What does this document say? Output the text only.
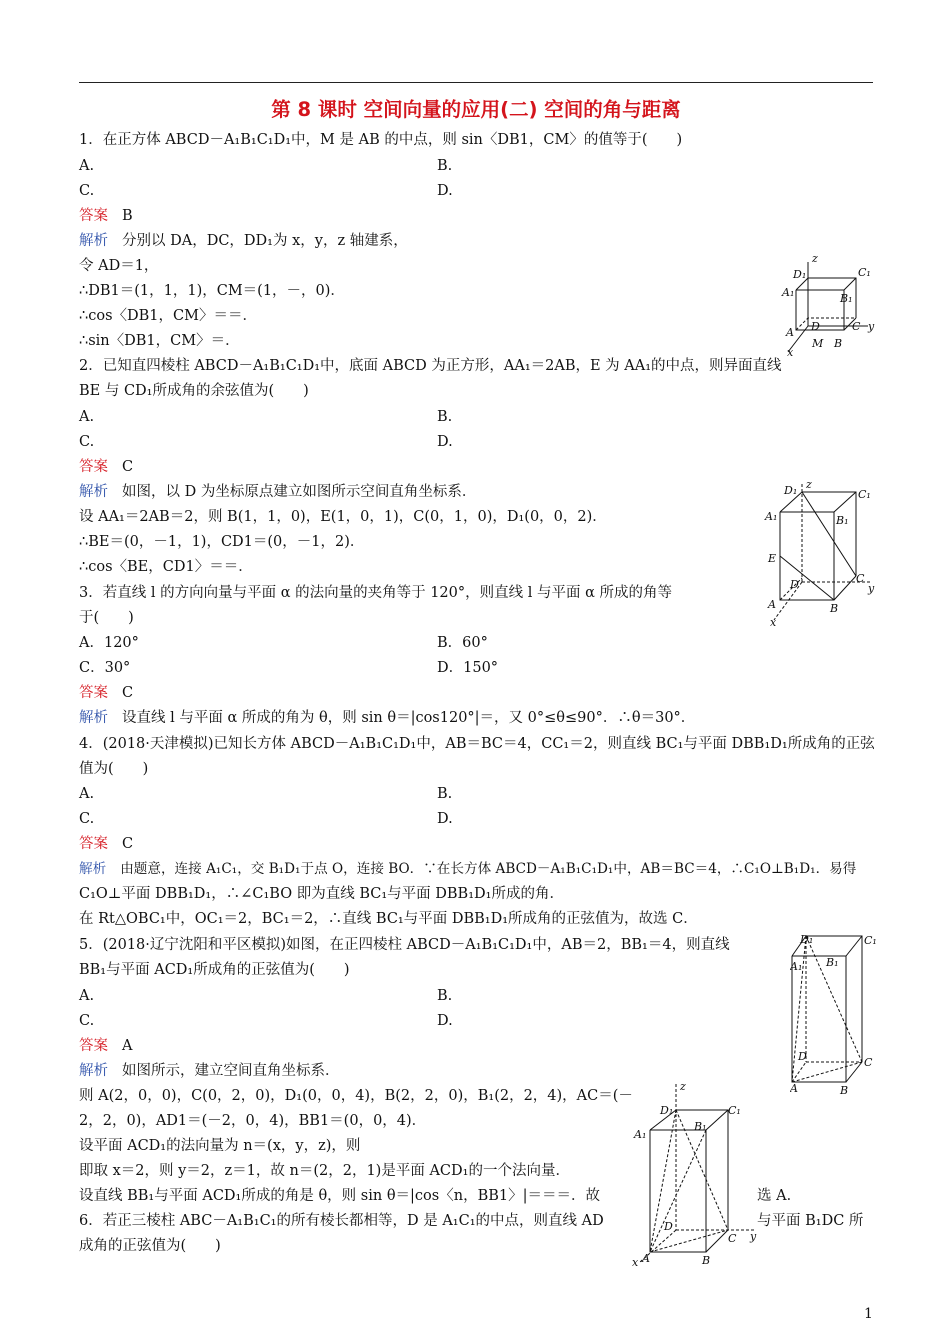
第 8 课时 空间向量的应用(二) 空间的角与距离
1．在正方体 ABCD－A₁B₁C₁D₁中，M 是 AB 的中点，则 sin〈DB1，CM〉的值等于(　　)
A.	B.
C.	D.
答案 B
解析 分别以 DA，DC，DD₁为 x，y，z 轴建系，
令 AD＝1，
∴DB1＝(1，1，1)，CM＝(1，－，0)．
∴cos〈DB1，CM〉＝＝．
∴sin〈DB1，CM〉＝．
z
D₁	C₁
A₁	B₁
D	C y
A
M B
x
2．已知直四棱柱 ABCD－A₁B₁C₁D₁中，底面 ABCD 为正方形，AA₁＝2AB，E 为 AA₁的中点，则异面直线
BE 与 CD₁所成角的余弦值为(　　)
A.	B.
C.	D.
答案 C
解析 如图，以 D 为坐标原点建立如图所示空间直角坐标系．
设 AA₁＝2AB＝2，则 B(1，1，0)，E(1，0，1)，C(0，1，0)，D₁(0，0，2)．
∴BE＝(0，－1，1)，CD1＝(0，－1，2)．
∴cos〈BE，CD1〉＝＝．
z
D₁	C₁
A₁	B₁
E
D	C
y
A	B
x
3．若直线 l 的方向向量与平面 α 的法向量的夹角等于 120°，则直线 l 与平面 α 所成的角等
于(　　)
A．120°	B．60°
C．30°	D．150°
答案 C
解析 设直线 l 与平面 α 所成的角为 θ，则 sin θ＝|cos120°|＝，又 0°≤θ≤90°．∴θ＝30°．
4．(2018·天津模拟)已知长方体 ABCD－A₁B₁C₁D₁中，AB＝BC＝4，CC₁＝2，则直线 BC₁与平面 DBB₁D₁所成角的正弦
值为(　　)
A.	B.
C.	D.
答案 C
解析 由题意，连接 A₁C₁，交 B₁D₁于点 O，连接 BO．∵在长方体 ABCD－A₁B₁C₁D₁中，AB＝BC＝4，∴C₁O⊥B₁D₁．易得
C₁O⊥平面 DBB₁D₁，∴∠C₁BO 即为直线 BC₁与平面 DBB₁D₁所成的角．
在 Rt△OBC₁中，OC₁＝2，BC₁＝2，∴直线 BC₁与平面 DBB₁D₁所成角的正弦值为，故选 C．
5．(2018·辽宁沈阳和平区模拟)如图，在正四棱柱 ABCD－A₁B₁C₁D₁中，AB＝2，BB₁＝4，则直线
BB₁与平面 ACD₁所成角的正弦值为(　　)
A.	B.
C.	D.
答案 A
解析 如图所示，建立空间直角坐标系．
则 A(2，0，0)，C(0，2，0)，D₁(0，0，4)，B(2，2，0)，B₁(2，2，4)，AC＝(－
2，2，0)，AD1＝(－2，0，4)，BB1＝(0，0，4)．
设平面 ACD₁的法向量为 n＝(x，y，z)，则
即取 x＝2，则 y＝2，z＝1，故 n＝(2，2，1)是平面 ACD₁的一个法向量．
设直线 BB₁与平面 ACD₁所成的角是 θ，则 sin θ＝|cos〈n，BB1〉|＝＝＝．故	选 A．
6．若正三棱柱 ABC－A₁B₁C₁的所有棱长都相等，D 是 A₁C₁的中点，则直线 AD	与平面 B₁DC 所
成角的正弦值为(　　)
D₁	C₁
A₁ B₁
D	C
A	B
z
D₁	C₁
A₁
B₁
D
C y
A	B
x
1
